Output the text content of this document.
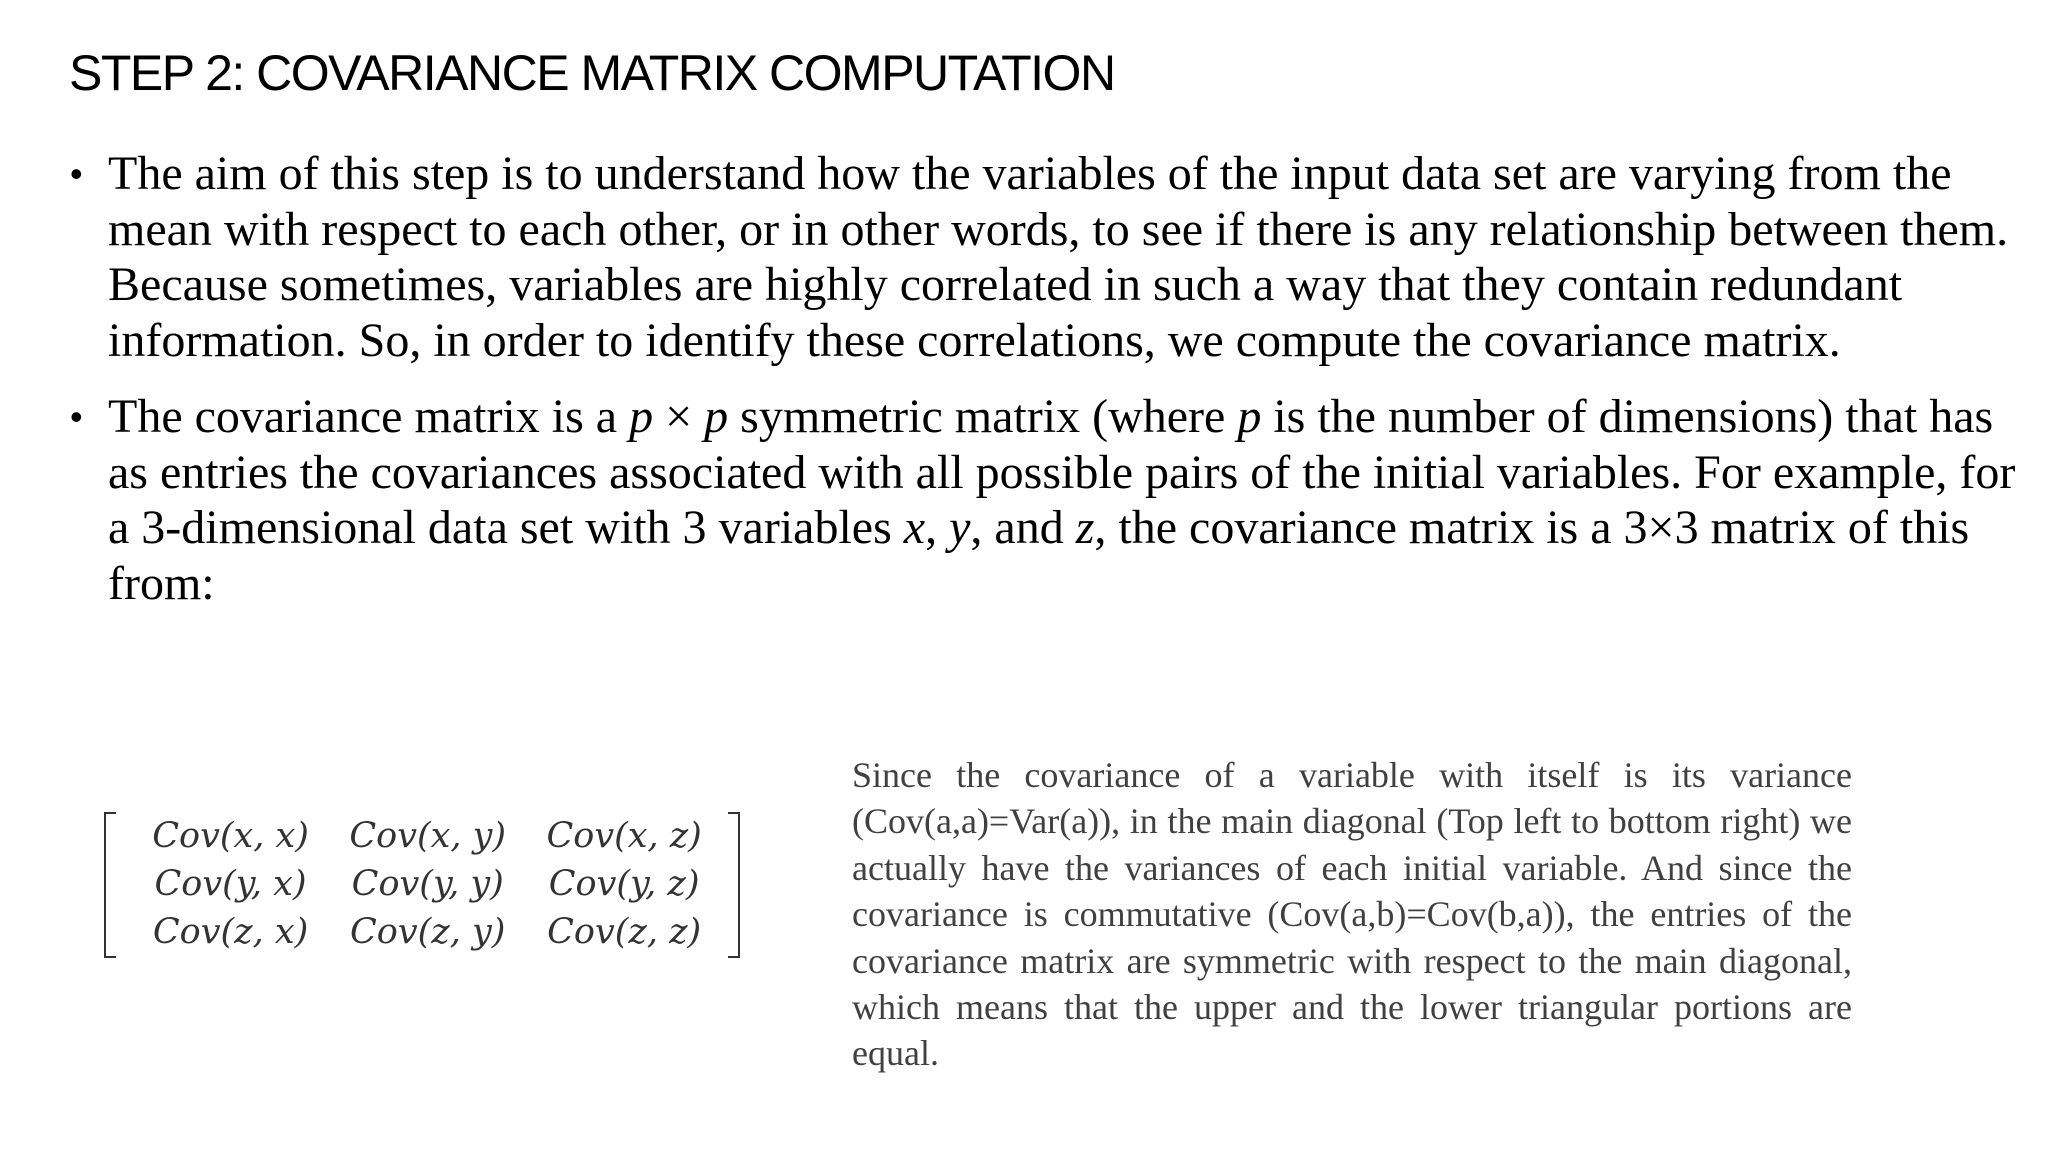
STEP 2: COVARIANCE MATRIX COMPUTATION
• The aim of this step is to understand how the variables of the input data set are varying from the mean with respect to each other, or in other words, to see if there is any relationship between them. Because sometimes, variables are highly correlated in such a way that they contain redundant information. So, in order to identify these correlations, we compute the covariance matrix.
• The covariance matrix is a p × p symmetric matrix (where p is the number of dimensions) that has as entries the covariances associated with all possible pairs of the initial variables. For example, for a 3-dimensional data set with 3 variables x, y, and z, the covariance matrix is a 3×3 matrix of this from:
Cov(x, x)	Cov(x, y)	Cov(x, z)
Cov(y, x)	Cov(y, y)	Cov(y, z)
Cov(z, x)	Cov(z, y)	Cov(z, z)
Since the covariance of a variable with itself is its variance (Cov(a,a)=Var(a)), in the main diagonal (Top left to bottom right) we actually have the variances of each initial variable. And since the covariance is commutative (Cov(a,b)=Cov(b,a)), the entries of the covariance matrix are symmetric with respect to the main diagonal, which means that the upper and the lower triangular portions are equal.
